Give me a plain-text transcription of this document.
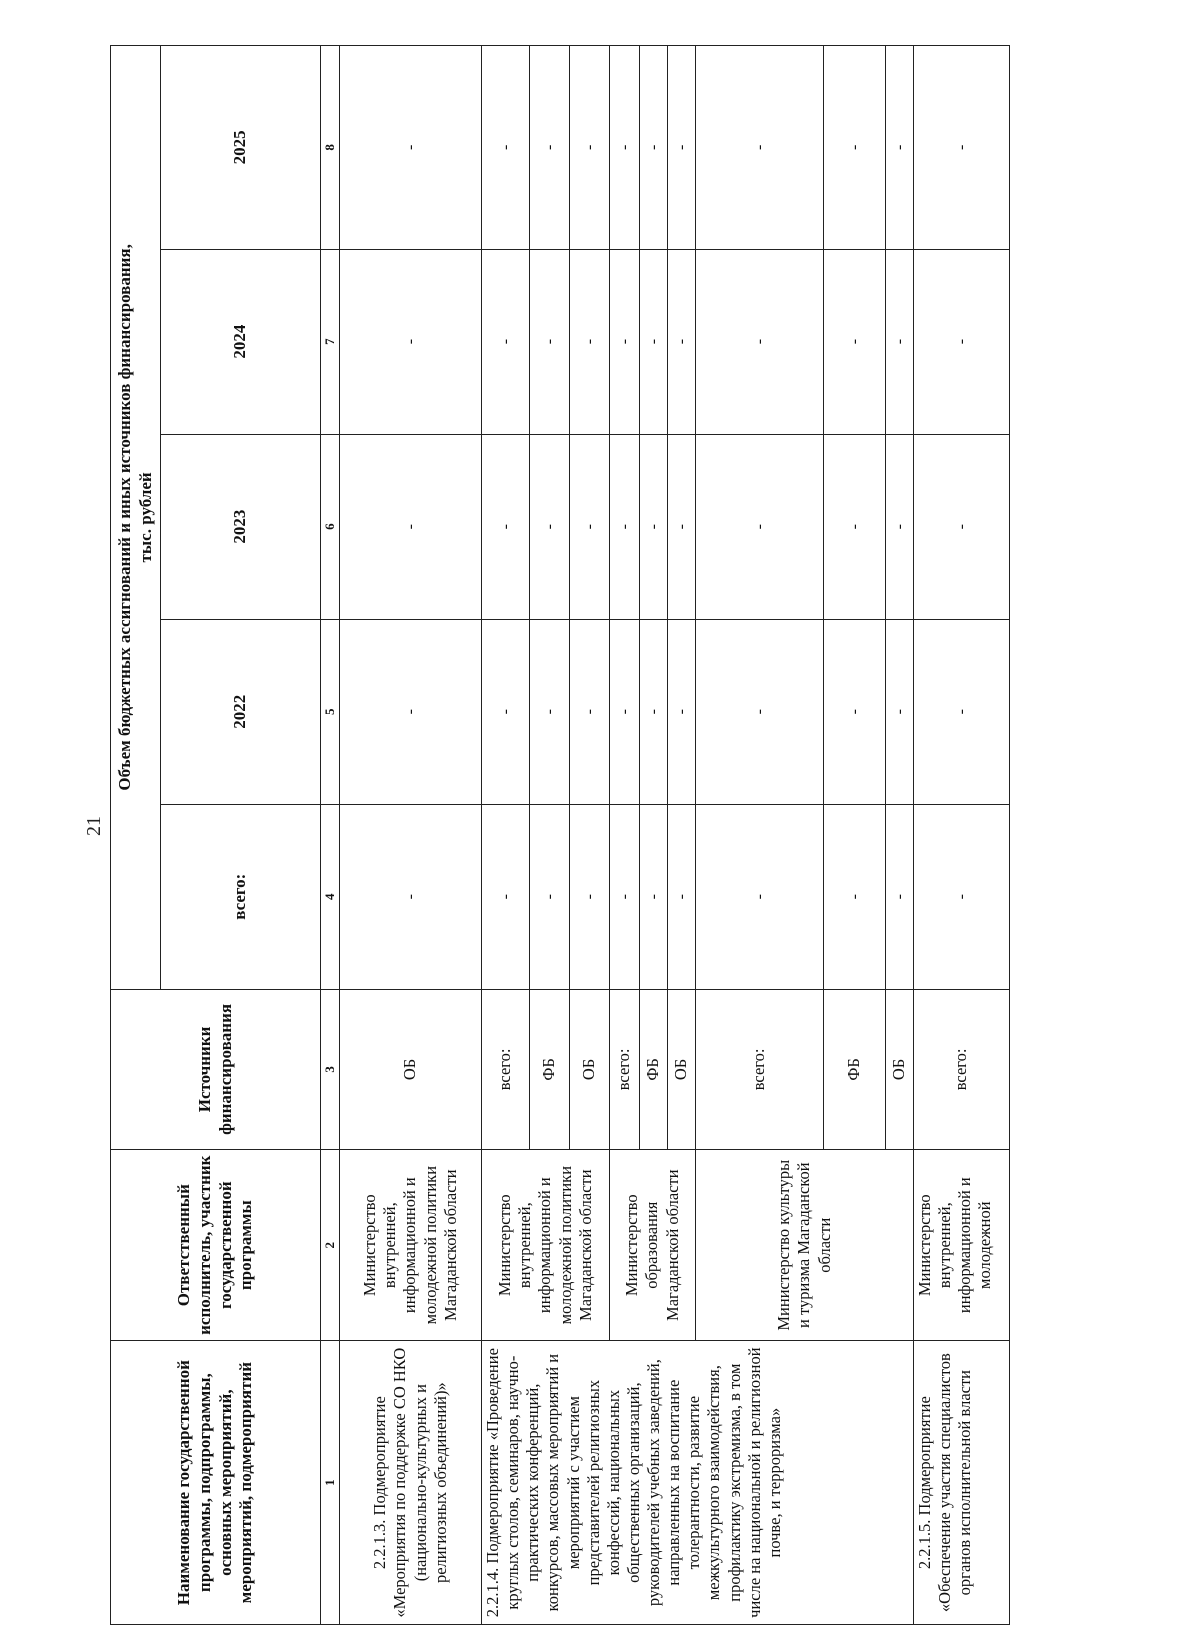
21
Наименование государственной программы, подпрограммы, основных мероприятий, мероприятий, подмероприятий	Ответственный исполнитель, участник государственной программы	Источники финансирования	Объем бюджетных ассигнований и иных источников финансирования, тыс. рублей				

			всего:	2022	2023	2024	2025
1	2	3	4	5	6	7	8
2.2.1.3. Подмероприятие «Мероприятия по поддержке СО НКО (национально-культурных и религиозных объединений)»	Министерство внутренней, информационной и молодежной политики Магаданской области	ОБ	-	-	-	-	-
2.2.1.4. Подмероприятие «Проведение круглых столов, семинаров, научно-практических конференций, конкурсов, массовых мероприятий и мероприятий с участием представителей религиозных конфессий, национальных общественных организаций, руководителей учебных заведений, направленных на воспитание толерантности, развитие межкультурного взаимодействия, профилактику экстремизма, в том числе на национальной и религиозной почве, и терроризма»	Министерство внутренней, информационной и молодежной политики Магаданской области	всего:	-	-	-	-	-
		ФБ	-	-	-	-	-
		ОБ	-	-	-	-	-
	Министерство образования Магаданской области	всего:	-	-	-	-	-
		ФБ	-	-	-	-	-
		ОБ	-	-	-	-	-
	Министерство культуры и туризма Магаданской области	всего:	-	-	-	-	-
		ФБ	-	-	-	-	-
		ОБ	-	-	-	-	-
2.2.1.5. Подмероприятие «Обеспечение участия специалистов органов исполнительной власти	Министерство внутренней, информационной и молодежной	всего:	-	-	-	-	-
